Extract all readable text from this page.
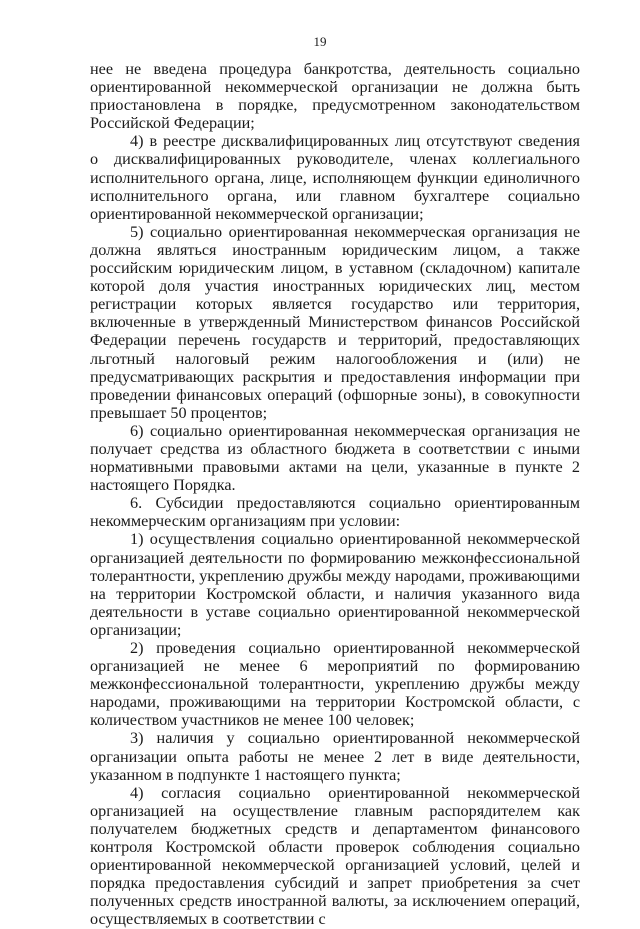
19

нее не введена процедура банкротства, деятельность социально ориентированной некоммерческой организации не должна быть приостановлена в порядке, предусмотренном законодательством Российской Федерации;

4) в реестре дисквалифицированных лиц отсутствуют сведения о дисквалифицированных руководителе, членах коллегиального исполнительного органа, лице, исполняющем функции единоличного исполнительного органа, или главном бухгалтере социально ориентированной некоммерческой организации;

5) социально ориентированная некоммерческая организация не должна являться иностранным юридическим лицом, а также российским юридическим лицом, в уставном (складочном) капитале которой доля участия иностранных юридических лиц, местом регистрации которых является государство или территория, включенные в утвержденный Министерством финансов Российской Федерации перечень государств и территорий, предоставляющих льготный налоговый режим налогообложения и (или) не предусматривающих раскрытия и предоставления информации при проведении финансовых операций (офшорные зоны), в совокупности превышает 50 процентов;

6) социально ориентированная некоммерческая организация не получает средства из областного бюджета в соответствии с иными нормативными правовыми актами на цели, указанные в пункте 2 настоящего Порядка.

6. Субсидии предоставляются социально ориентированным некоммерческим организациям при условии:

1) осуществления социально ориентированной некоммерческой организацией деятельности по формированию межконфессиональной толерантности, укреплению дружбы между народами, проживающими на территории Костромской области, и наличия указанного вида деятельности в уставе социально ориентированной некоммерческой организации;

2) проведения социально ориентированной некоммерческой организацией не менее 6 мероприятий по формированию межконфессиональной толерантности, укреплению дружбы между народами, проживающими на территории Костромской области, с количеством участников не менее 100 человек;

3) наличия у социально ориентированной некоммерческой организации опыта работы не менее 2 лет в виде деятельности, указанном в подпункте 1 настоящего пункта;

4) согласия социально ориентированной некоммерческой организацией на осуществление главным распорядителем как получателем бюджетных средств и департаментом финансового контроля Костромской области проверок соблюдения социально ориентированной некоммерческой организацией условий, целей и порядка предоставления субсидий и запрет приобретения за счет полученных средств иностранной валюты, за исключением операций, осуществляемых в соответствии с
